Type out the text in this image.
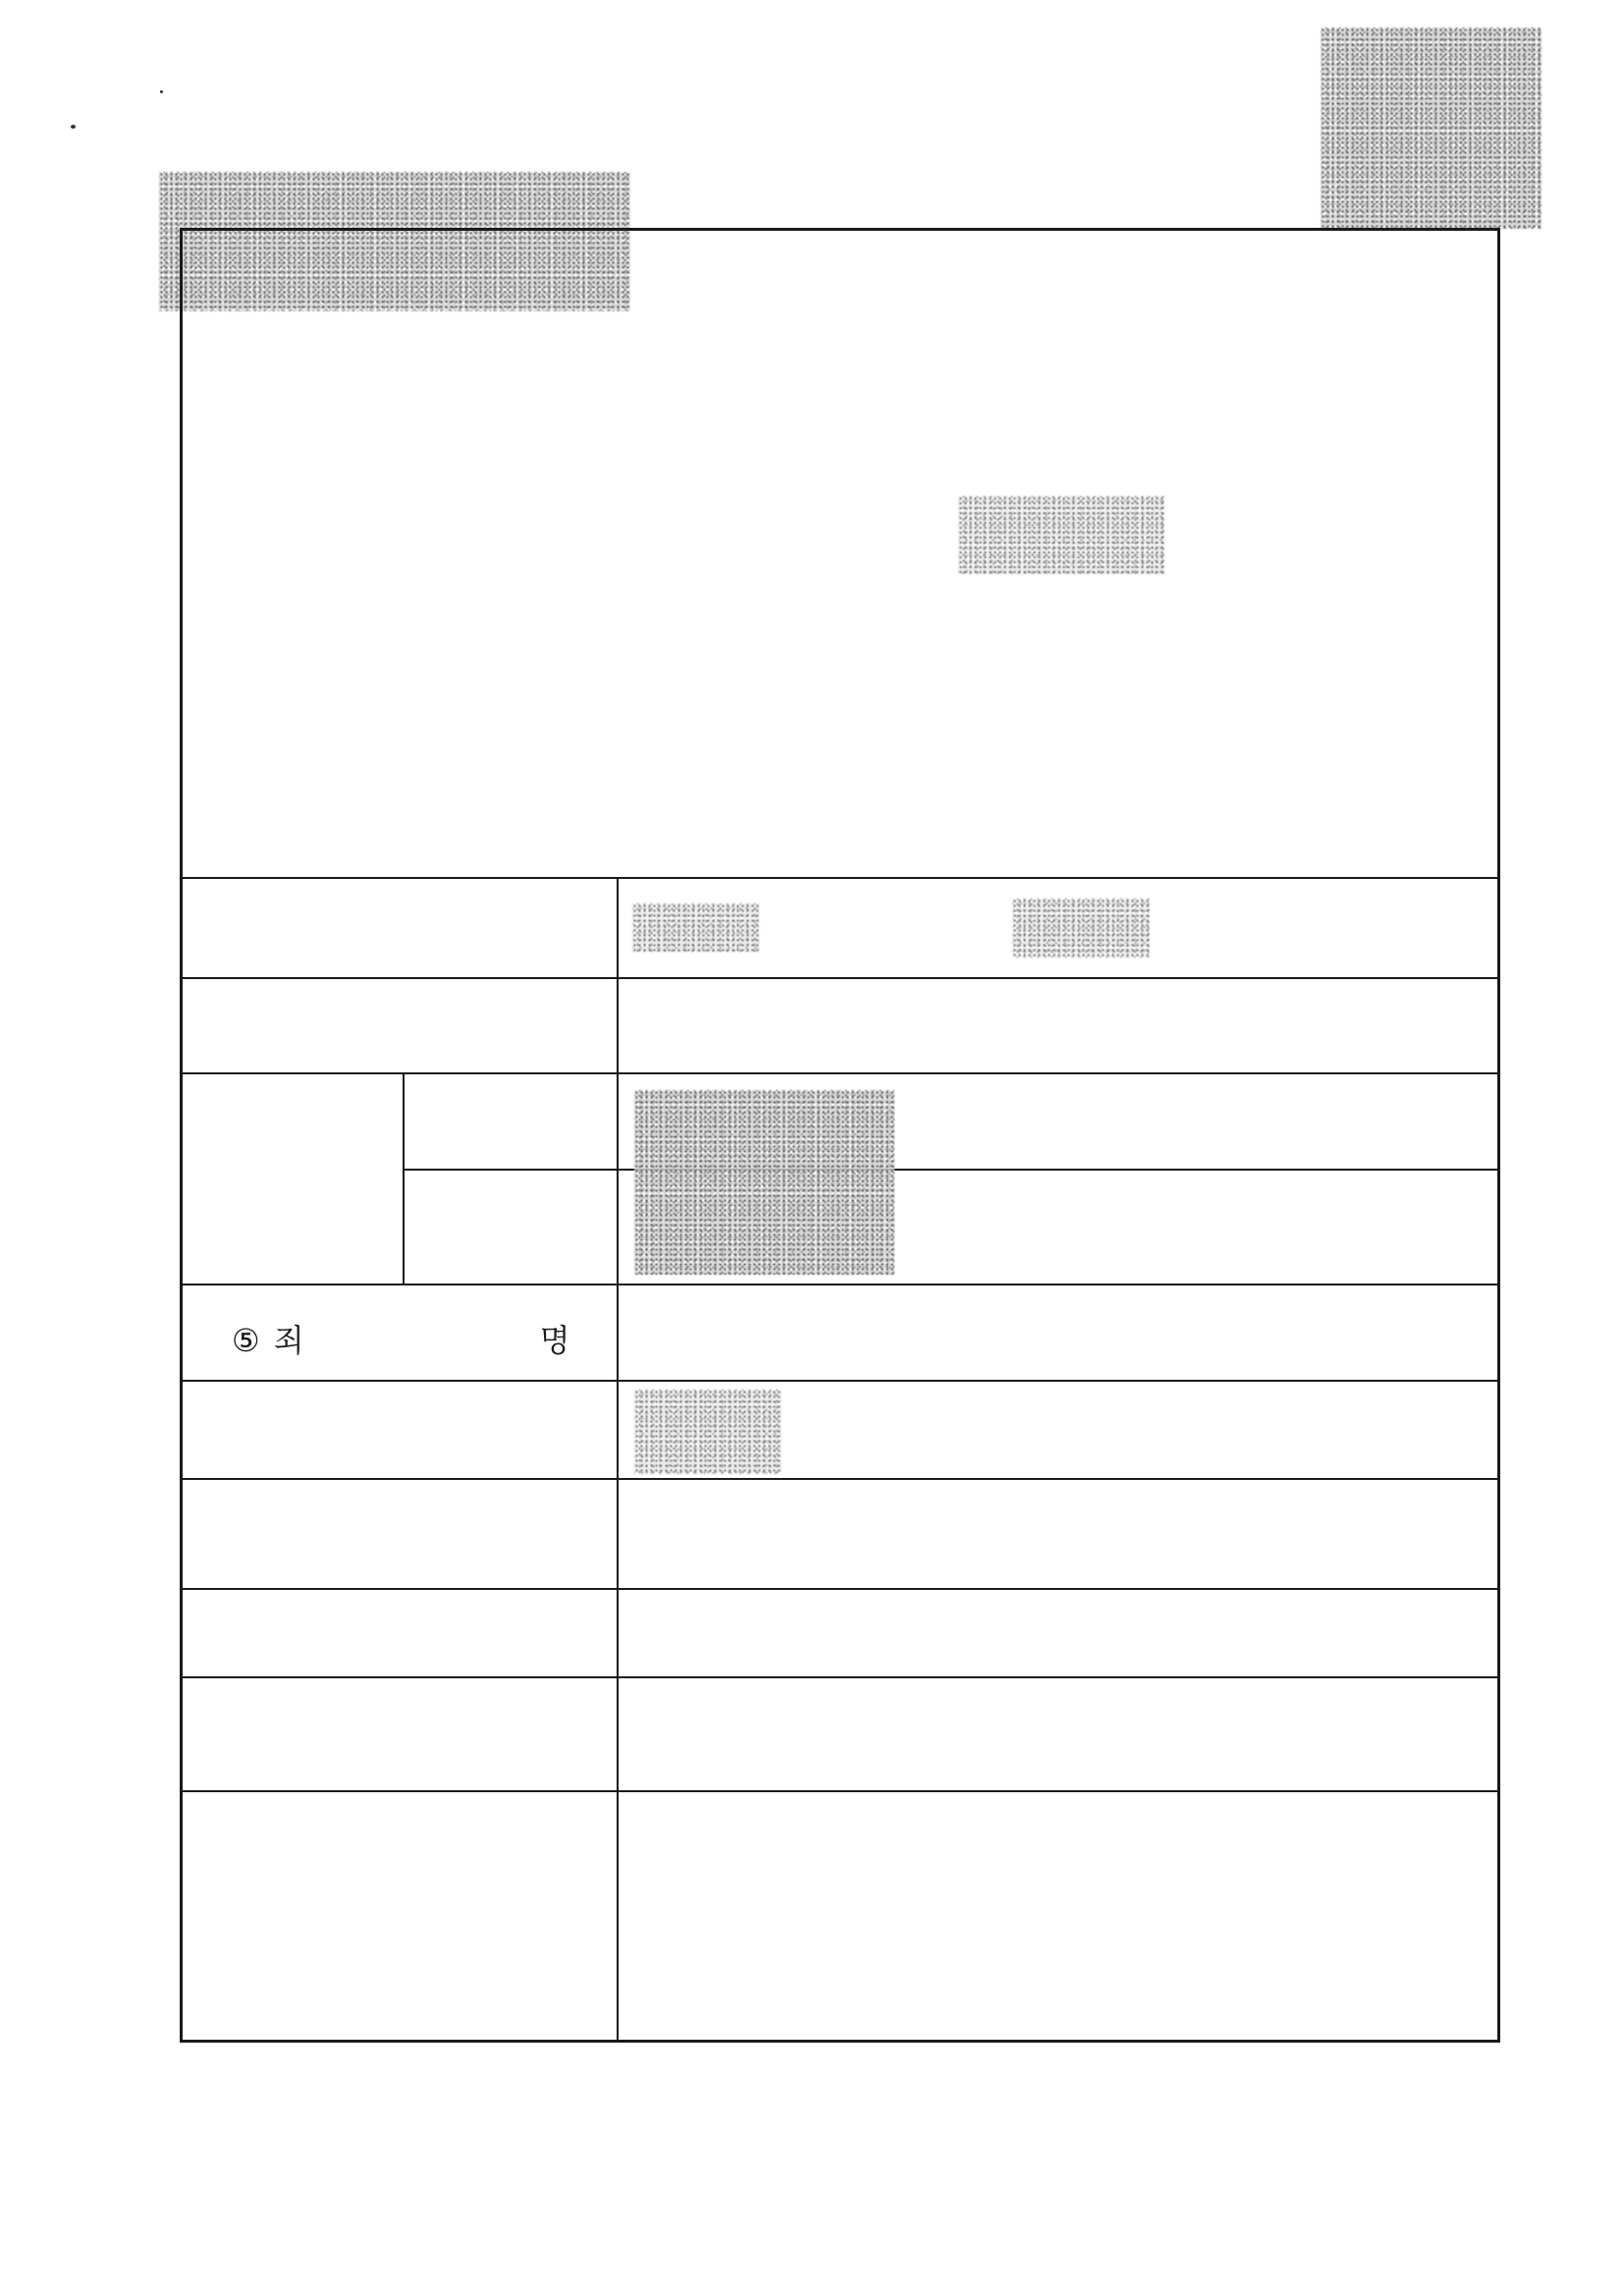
⑤ 죄	명
